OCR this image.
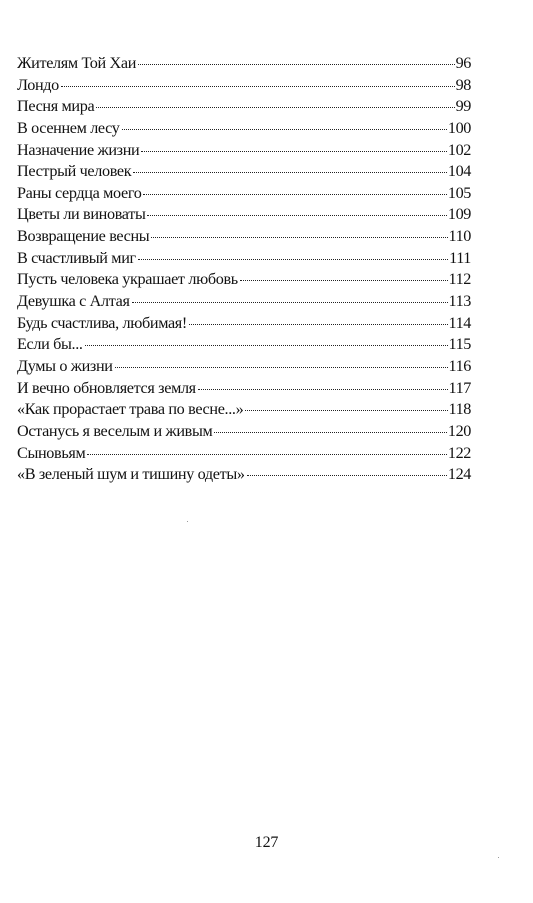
Жителям Той Хаи	96
Лондо	98
Песня мира	99
В осеннем лесу	100
Назначение жизни	102
Пестрый человек	104
Раны сердца моего	105
Цветы ли виноваты	109
Возвращение весны	110
В счастливый миг	111
Пусть человека украшает любовь	112
Девушка с Алтая	113
Будь счастлива, любимая!	114
Если бы...	115
Думы о жизни	116
И вечно обновляется земля	117
«Как прорастает трава по весне...»	118
Останусь я веселым и живым	120
Сыновьям	122
«В зеленый шум и тишину одеты»	124
127
